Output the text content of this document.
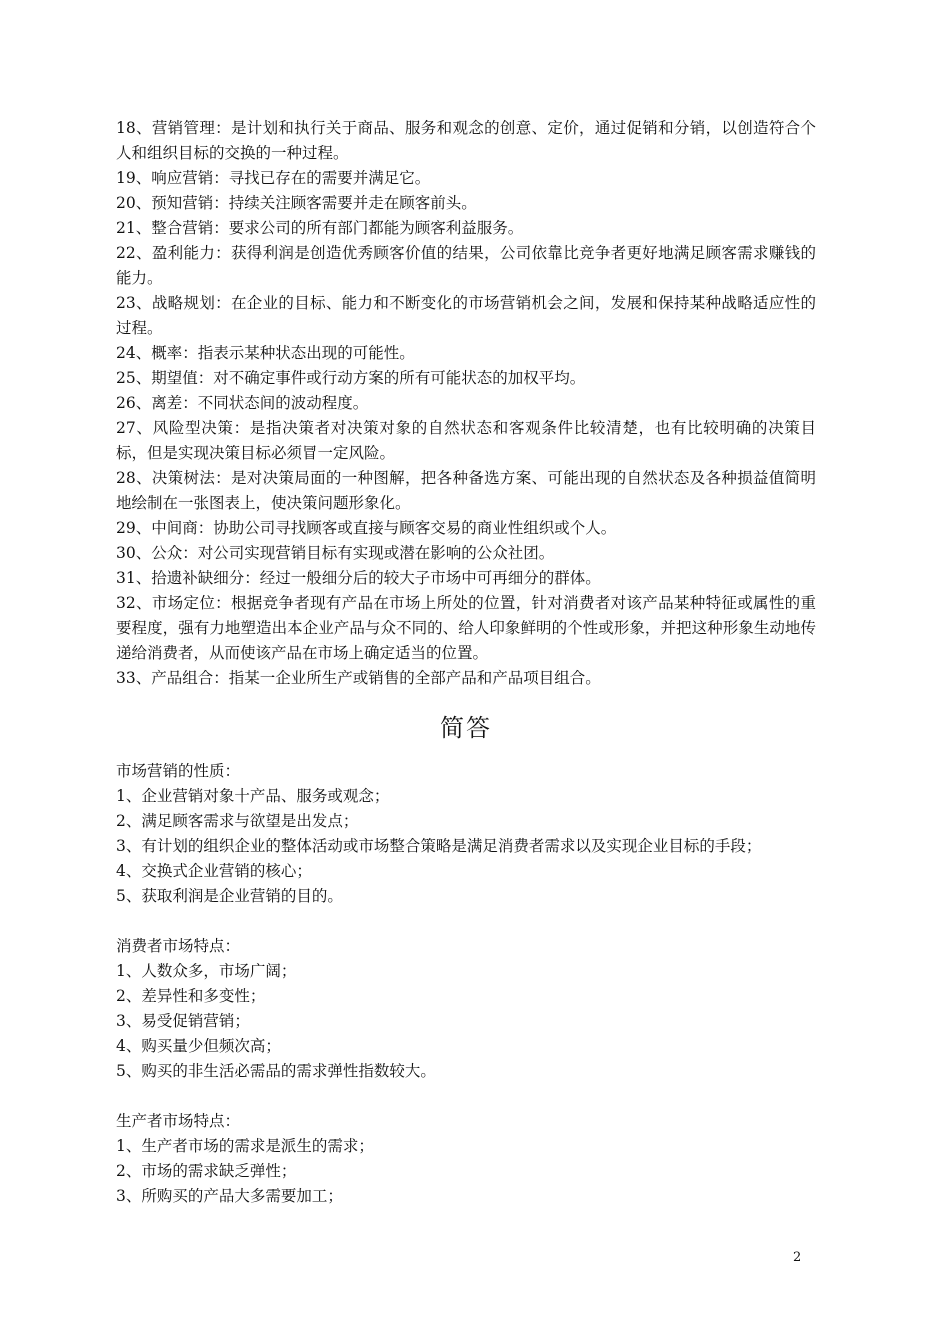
18、营销管理：是计划和执行关于商品、服务和观念的创意、定价，通过促销和分销，以创造符合个人和组织目标的交换的一种过程。

19、响应营销：寻找已存在的需要并满足它。

20、预知营销：持续关注顾客需要并走在顾客前头。

21、整合营销：要求公司的所有部门都能为顾客利益服务。

22、盈利能力：获得利润是创造优秀顾客价值的结果，公司依靠比竞争者更好地满足顾客需求赚钱的能力。

23、战略规划：在企业的目标、能力和不断变化的市场营销机会之间，发展和保持某种战略适应性的过程。

24、概率：指表示某种状态出现的可能性。

25、期望值：对不确定事件或行动方案的所有可能状态的加权平均。

26、离差：不同状态间的波动程度。

27、风险型决策：是指决策者对决策对象的自然状态和客观条件比较清楚，也有比较明确的决策目标，但是实现决策目标必须冒一定风险。

28、决策树法：是对决策局面的一种图解，把各种备选方案、可能出现的自然状态及各种损益值简明地绘制在一张图表上，使决策问题形象化。

29、中间商：协助公司寻找顾客或直接与顾客交易的商业性组织或个人。

30、公众：对公司实现营销目标有实现或潜在影响的公众社团。

31、拾遗补缺细分：经过一般细分后的较大子市场中可再细分的群体。

32、市场定位：根据竞争者现有产品在市场上所处的位置，针对消费者对该产品某种特征或属性的重要程度，强有力地塑造出本企业产品与众不同的、给人印象鲜明的个性或形象，并把这种形象生动地传递给消费者，从而使该产品在市场上确定适当的位置。

33、产品组合：指某一企业所生产或销售的全部产品和产品项目组合。

简答

市场营销的性质：

1、企业营销对象十产品、服务或观念；

2、满足顾客需求与欲望是出发点；

3、有计划的组织企业的整体活动或市场整合策略是满足消费者需求以及实现企业目标的手段；

4、交换式企业营销的核心；

5、获取利润是企业营销的目的。

消费者市场特点：

1、人数众多，市场广阔；

2、差异性和多变性；

3、易受促销营销；

4、购买量少但频次高；

5、购买的非生活必需品的需求弹性指数较大。

生产者市场特点：

1、生产者市场的需求是派生的需求；

2、市场的需求缺乏弹性；

3、所购买的产品大多需要加工；

2
